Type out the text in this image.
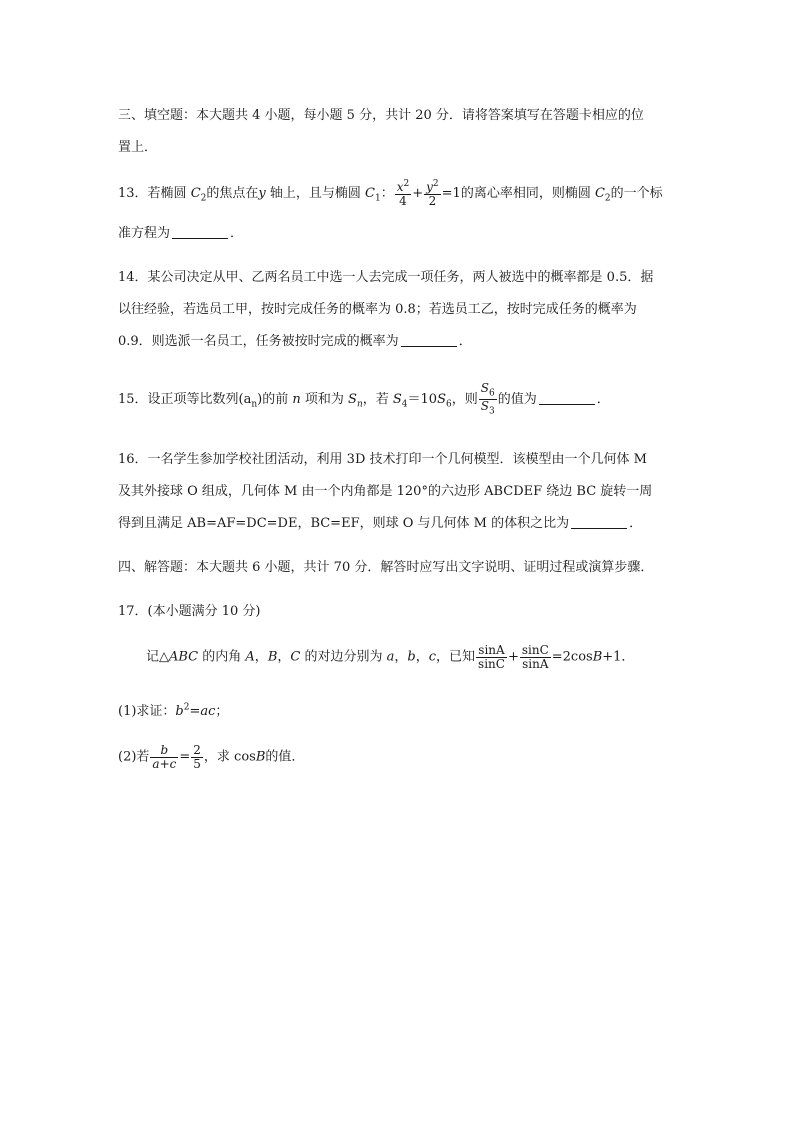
三、填空题：本大题共 4 小题，每小题 5 分，共计 20 分．请将答案填写在答题卡相应的位
置上．
13．若椭圆 $C_2$的焦点在y 轴上，且与椭圆 $C_1$： $\frac{x^2}{4} + \frac{y^2}{2} =1$的离心率相同，则椭圆 $C_2$的一个标
准方程为	．
14．某公司决定从甲、乙两名员工中选一人去完成一项任务，两人被选中的概率都是 0.5．据
以往经验，若选员工甲，按时完成任务的概率为 0.8；若选员工乙，按时完成任务的概率为
0.9．则选派一名员工，任务被按时完成的概率为	．
15．设正项等比数列$(a_n)$的前 n 项和为 $S_n$，若 $S_4=10S_6$，则 $\frac{S_6}{S_3}$ 的值为	．
16．一名学生参加学校社团活动，利用 3D 技术打印一个几何模型．该模型由一个几何体 M
及其外接球 O 组成，几何体 M 由一个内角都是 120°的六边形 ABCDEF 绕边 BC 旋转一周
得到且满足 AB=AF=DC=DE，BC=EF，则球 O 与几何体 M 的体积之比为	．
四、解答题：本大题共 6 小题，共计 70 分．解答时应写出文字说明、证明过程或演算步骤．
17．(本小题满分 10 分)
记△ABC 的内角 A，B，C 的对边分别为 a，b，c，已知 $\frac{\sin A}{\sin C} + \frac{\sin C}{\sin A} =2\cos B+1$．
(1)求证：$b^2=ac$；
(2)若 $\frac{b}{a+c} = \frac{2}{5}$ ，求 cosB的值．
